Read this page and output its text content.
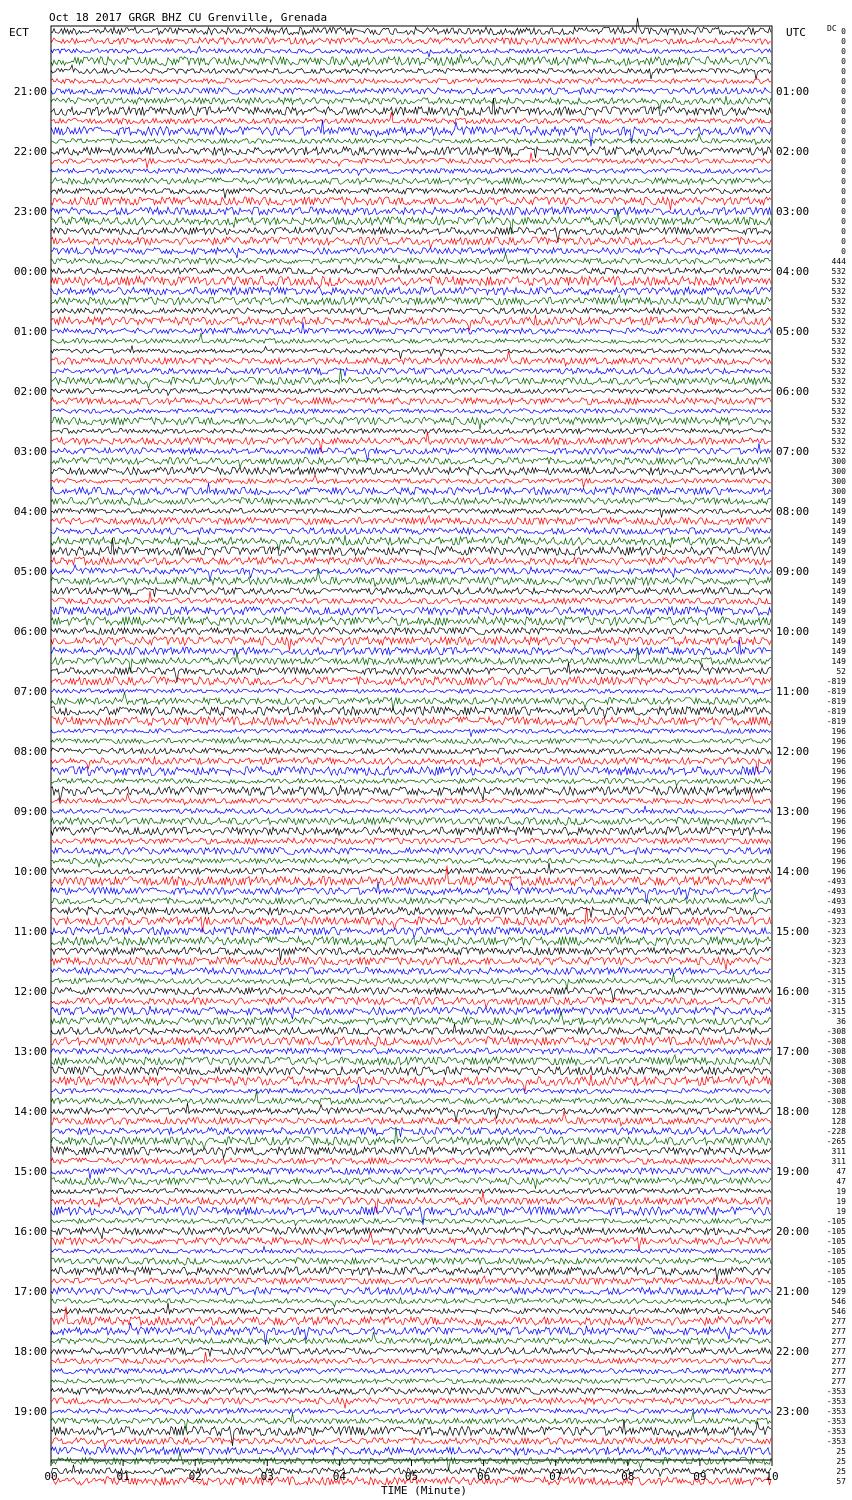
Oct 18 2017 GRGR BHZ CU Grenville, Grenada
ECT	UTC	DC
21:00
22:00
23:00
00:00
01:00
02:00
03:00
04:00
05:00
06:00
07:00
08:00
09:00
10:00
11:00
12:00
13:00
14:00
15:00
16:00
17:00
18:00
19:00
01:00
02:00
03:00
04:00
05:00
06:00
07:00
08:00
09:00
10:00
11:00
12:00
13:00
14:00
15:00
16:00
17:00
18:00
19:00
20:00
21:00
22:00
23:00
0
0
0
0
0
0
0
0
0
0
0
0
0
0
0
0
0
0
0
0
0
0
0
444
532
532
532
532
532
532
532
532
532
532
532
532
532
532
532
532
532
532
532
300
300
300
300
149
149
149
149
149
149
149
149
149
149
149
149
149
149
149
149
149
52
-819
-819
-819
-819
-819
196
196
196
196
196
196
196
196
196
196
196
196
196
196
196
-493
-493
-493
-493
-323
-323
-323
-323
-323
-315
-315
-315
-315
-315
36
-308
-308
-308
-308
-308
-308
-308
-308
128
128
-228
-265
311
311
47
47
19
19
19
-105
-105
-105
-105
-105
-105
-105
129
546
546
277
277
277
277
277
277
277
-353
-353
-353
-353
-353
-353
25
25
25
57
00	01	02	03	04	05	06	07	08	09	10
TIME (Minute)
